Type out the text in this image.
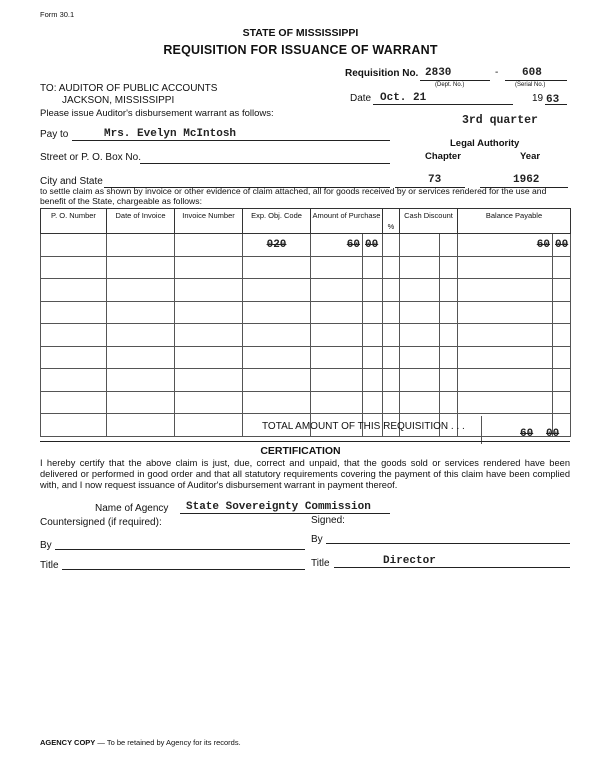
Form 30.1
STATE OF MISSISSIPPI
REQUISITION FOR ISSUANCE OF WARRANT
Requisition No. 2830
(Dept. No.)
- 608
(Serial No.)
TO: AUDITOR OF PUBLIC ACCOUNTS
JACKSON, MISSISSIPPI
Please issue Auditor's disbursement warrant as follows:
Date Oct. 21	19 63
3rd quarter
Pay to	Mrs. Evelyn McIntosh
Legal Authority
Chapter	Year
Street or P. O. Box No.
City and State	73	1962
to settle claim as shown by invoice or other evidence of claim attached, all for goods received by or services rendered for the use and benefit of the State, chargeable as follows:
P. O. Number	Date of Invoice	Invoice Number	Exp. Obj. Code	Amount of Purchase		%	Cash Discount		Balance Payable	
			020	60	00				60	00

TOTAL AMOUNT OF THIS REQUISITION . . .
60 00
CERTIFICATION
I hereby certify that the above claim is just, due, correct and unpaid, that the goods sold or services rendered have been delivered or performed in good order and that all statutory requirements covering the payment of this claim have been complied with, and I now request issuance of Auditor's disbursement warrant in payment thereof.
Name of Agency State Sovereignty Commission
Countersigned (if required):	Signed:
By
By
Title	Title	Director
AGENCY COPY — To be retained by Agency for its records.
